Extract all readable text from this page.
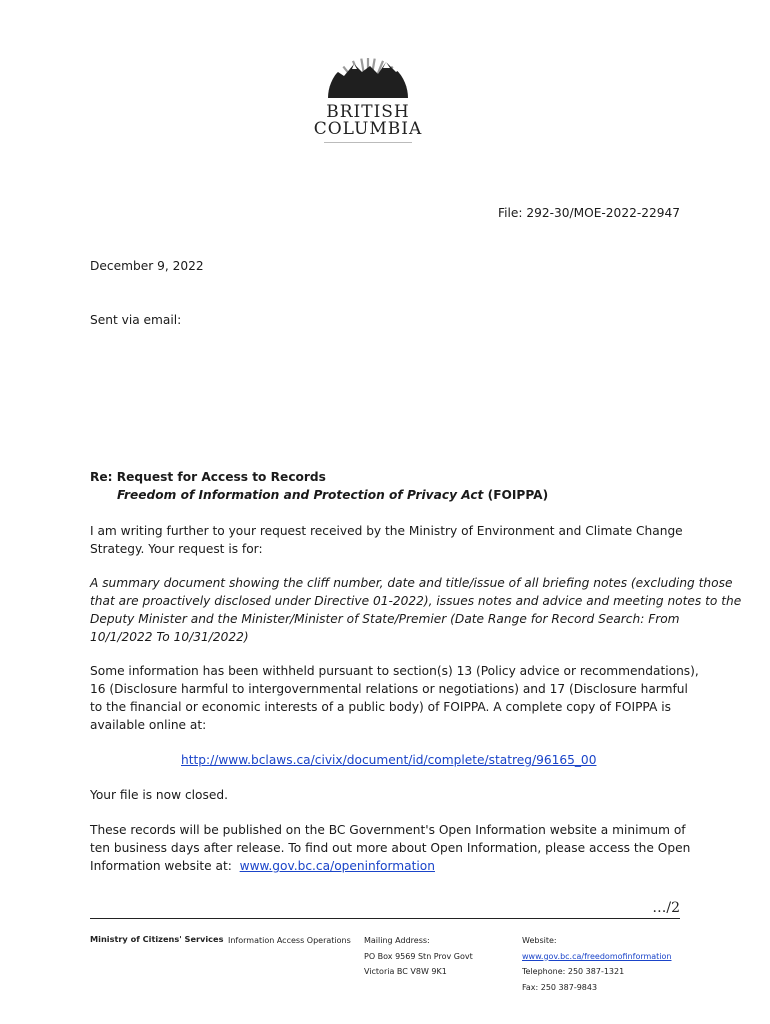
BRITISH
COLUMBIA
File: 292-30/MOE-2022-22947
December 9, 2022
Sent via email:
Re: Request for Access to Records
Freedom of Information and Protection of Privacy Act (FOIPPA)
I am writing further to your request received by the Ministry of Environment and Climate Change
Strategy. Your request is for:
A summary document showing the cliff number, date and title/issue of all briefing notes (excluding those
that are proactively disclosed under Directive 01-2022), issues notes and advice and meeting notes to the
Deputy Minister and the Minister/Minister of State/Premier (Date Range for Record Search: From
10/1/2022 To 10/31/2022)
Some information has been withheld pursuant to section(s) 13 (Policy advice or recommendations),
16 (Disclosure harmful to intergovernmental relations or negotiations) and 17 (Disclosure harmful
to the financial or economic interests of a public body) of FOIPPA. A complete copy of FOIPPA is
available online at:
http://www.bclaws.ca/civix/document/id/complete/statreg/96165_00
Your file is now closed.
These records will be published on the BC Government's Open Information website a minimum of
ten business days after release. To find out more about Open Information, please access the Open
Information website at:  www.gov.bc.ca/openinformation
…/2
Ministry of Citizens' Services Information Access Operations Mailing Address:
PO Box 9569 Stn Prov Govt
Victoria BC V8W 9K1
Website:
www.gov.bc.ca/freedomofinformation
Telephone: 250 387-1321
Fax: 250 387-9843
